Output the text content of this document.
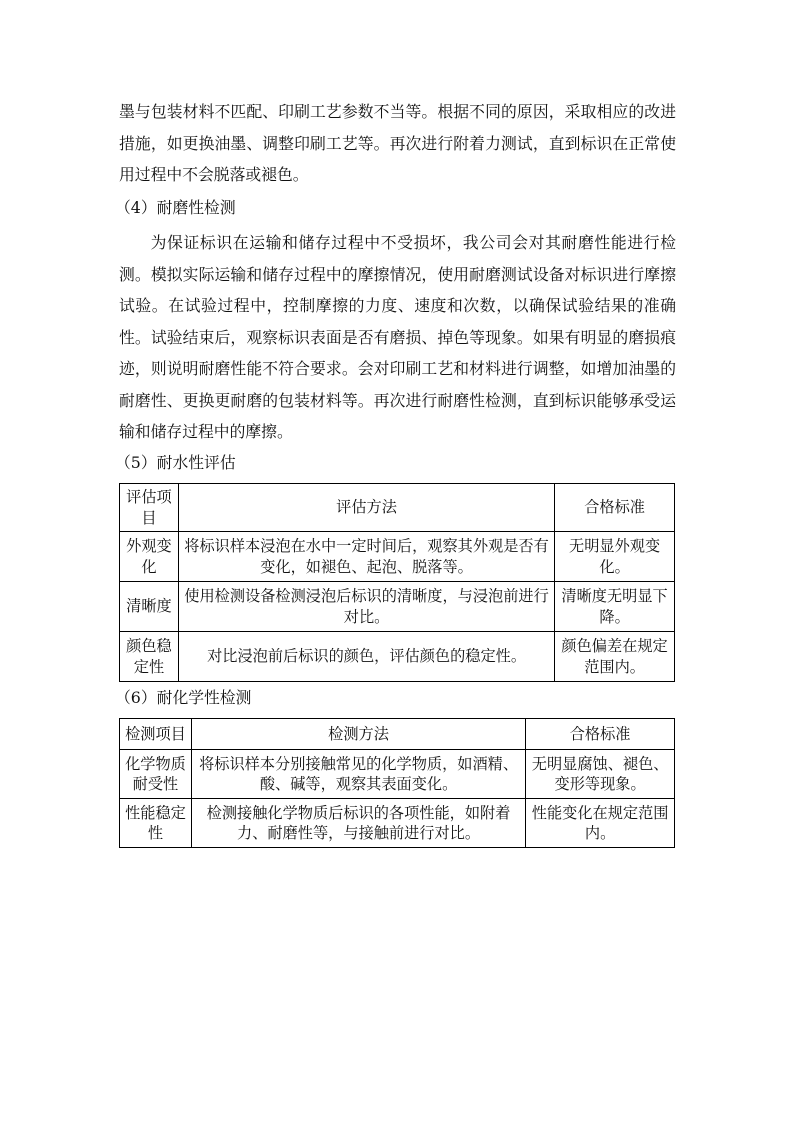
墨与包装材料不匹配、印刷工艺参数不当等。根据不同的原因，采取相应的改进措施，如更换油墨、调整印刷工艺等。再次进行附着力测试，直到标识在正常使用过程中不会脱落或褪色。

（4）耐磨性检测

为保证标识在运输和储存过程中不受损坏，我公司会对其耐磨性能进行检测。模拟实际运输和储存过程中的摩擦情况，使用耐磨测试设备对标识进行摩擦试验。在试验过程中，控制摩擦的力度、速度和次数，以确保试验结果的准确性。试验结束后，观察标识表面是否有磨损、掉色等现象。如果有明显的磨损痕迹，则说明耐磨性能不符合要求。会对印刷工艺和材料进行调整，如增加油墨的耐磨性、更换更耐磨的包装材料等。再次进行耐磨性检测，直到标识能够承受运输和储存过程中的摩擦。

（5）耐水性评估

评估项目	评估方法	合格标准
外观变化	将标识样本浸泡在水中一定时间后，观察其外观是否有变化，如褪色、起泡、脱落等。	无明显外观变化。
清晰度	使用检测设备检测浸泡后标识的清晰度，与浸泡前进行对比。	清晰度无明显下降。
颜色稳定性	对比浸泡前后标识的颜色，评估颜色的稳定性。	颜色偏差在规定范围内。

（6）耐化学性检测

检测项目	检测方法	合格标准
化学物质耐受性	将标识样本分别接触常见的化学物质，如酒精、酸、碱等，观察其表面变化。	无明显腐蚀、褪色、变形等现象。
性能稳定性	检测接触化学物质后标识的各项性能，如附着力、耐磨性等，与接触前进行对比。	性能变化在规定范围内。
